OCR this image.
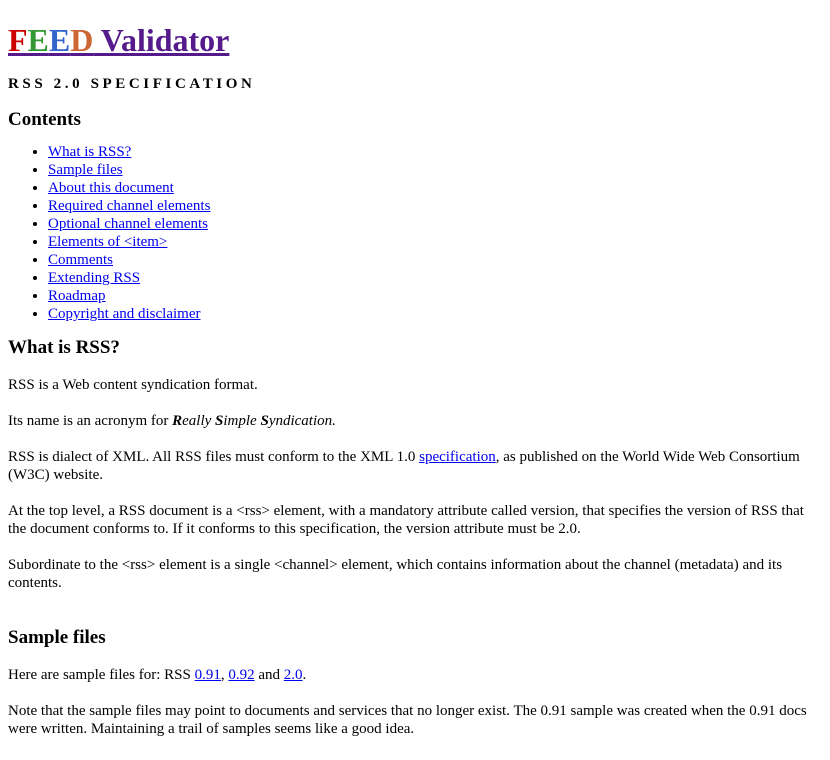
FEED Validator
RSS 2.0 SPECIFICATION
Contents
• What is RSS?
• Sample files
• About this document
• Required channel elements
• Optional channel elements
• Elements of <item>
• Comments
• Extending RSS
• Roadmap
• Copyright and disclaimer
What is RSS?

RSS is a Web content syndication format.

Its name is an acronym for Really Simple Syndication.

RSS is dialect of XML. All RSS files must conform to the XML 1.0 specification, as published on the World Wide Web Consortium (W3C) website.

At the top level, a RSS document is a <rss> element, with a mandatory attribute called version, that specifies the version of RSS that the document conforms to. If it conforms to this specification, the version attribute must be 2.0.

Subordinate to the <rss> element is a single <channel> element, which contains information about the channel (metadata) and its contents.

Sample files

Here are sample files for: RSS 0.91, 0.92 and 2.0.

Note that the sample files may point to documents and services that no longer exist. The 0.91 sample was created when the 0.91 docs were written. Maintaining a trail of samples seems like a good idea.
